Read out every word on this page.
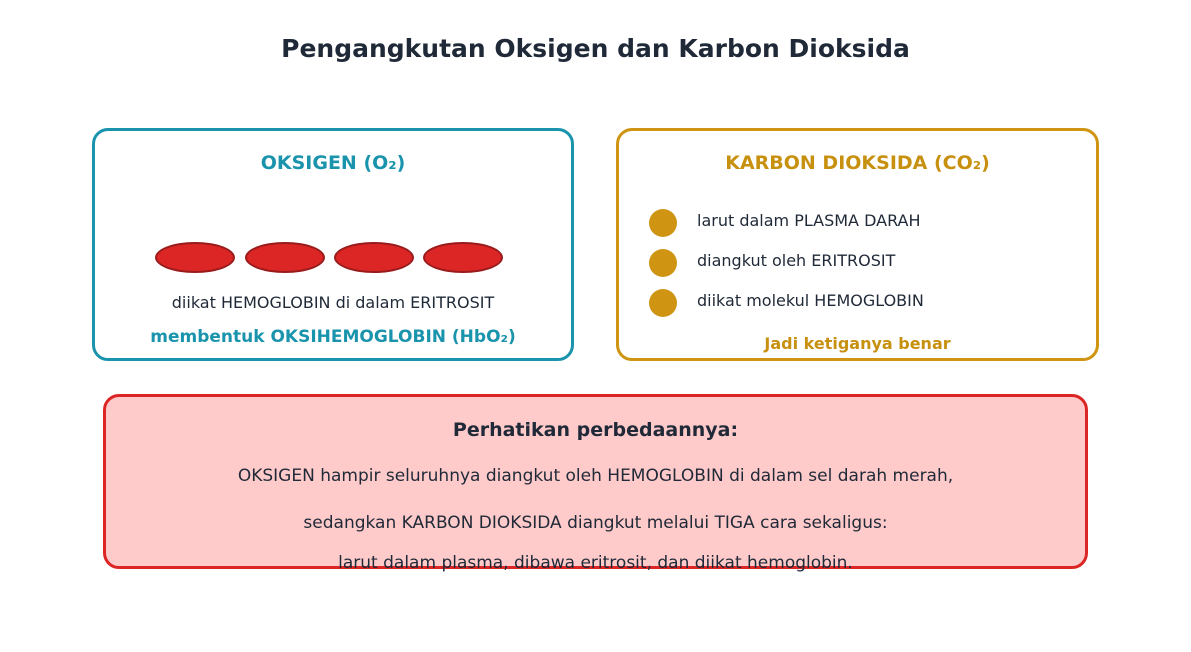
Pengangkutan Oksigen dan Karbon Dioksida
OKSIGEN (O₂)
diikat HEMOGLOBIN di dalam ERITROSIT
membentuk OKSIHEMOGLOBIN (HbO₂)
KARBON DIOKSIDA (CO₂)
larut dalam PLASMA DARAH
diangkut oleh ERITROSIT
diikat molekul HEMOGLOBIN
Jadi ketiganya benar
Perhatikan perbedaannya:
OKSIGEN hampir seluruhnya diangkut oleh HEMOGLOBIN di dalam sel darah merah,
sedangkan KARBON DIOKSIDA diangkut melalui TIGA cara sekaligus:
larut dalam plasma, dibawa eritrosit, dan diikat hemoglobin.
